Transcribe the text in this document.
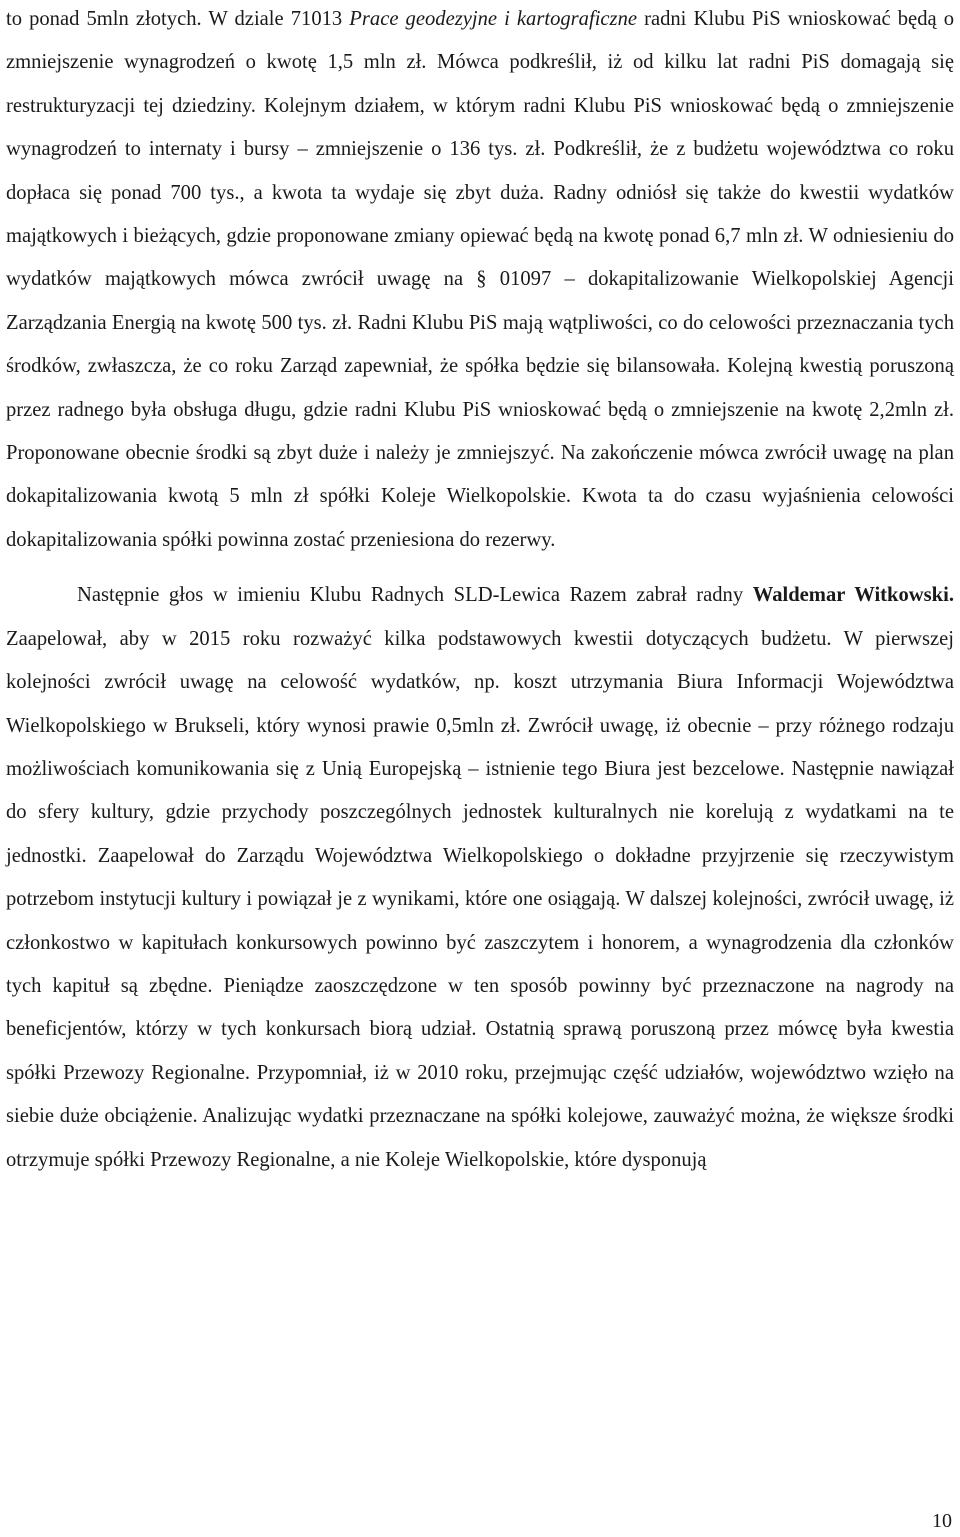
to ponad 5mln złotych. W dziale 71013 Prace geodezyjne i kartograficzne radni Klubu PiS wnioskować będą o zmniejszenie wynagrodzeń o kwotę 1,5 mln zł. Mówca podkreślił, iż od kilku lat radni PiS domagają się restrukturyzacji tej dziedziny. Kolejnym działem, w którym radni Klubu PiS wnioskować będą o zmniejszenie wynagrodzeń to internaty i bursy – zmniejszenie o 136 tys. zł. Podkreślił, że z budżetu województwa co roku dopłaca się ponad 700 tys., a kwota ta wydaje się zbyt duża. Radny odniósł się także do kwestii wydatków majątkowych i bieżących, gdzie proponowane zmiany opiewać będą na kwotę ponad 6,7 mln zł. W odniesieniu do wydatków majątkowych mówca zwrócił uwagę na § 01097 – dokapitalizowanie Wielkopolskiej Agencji Zarządzania Energią na kwotę 500 tys. zł. Radni Klubu PiS mają wątpliwości, co do celowości przeznaczania tych środków, zwłaszcza, że co roku Zarząd zapewniał, że spółka będzie się bilansowała. Kolejną kwestią poruszoną przez radnego była obsługa długu, gdzie radni Klubu PiS wnioskować będą o zmniejszenie na kwotę 2,2mln zł. Proponowane obecnie środki są zbyt duże i należy je zmniejszyć. Na zakończenie mówca zwrócił uwagę na plan dokapitalizowania kwotą 5 mln zł spółki Koleje Wielkopolskie. Kwota ta do czasu wyjaśnienia celowości dokapitalizowania spółki powinna zostać przeniesiona do rezerwy.

Następnie głos w imieniu Klubu Radnych SLD-Lewica Razem zabrał radny Waldemar Witkowski. Zaapelował, aby w 2015 roku rozważyć kilka podstawowych kwestii dotyczących budżetu. W pierwszej kolejności zwrócił uwagę na celowość wydatków, np. koszt utrzymania Biura Informacji Województwa Wielkopolskiego w Brukseli, który wynosi prawie 0,5mln zł. Zwrócił uwagę, iż obecnie – przy różnego rodzaju możliwościach komunikowania się z Unią Europejską – istnienie tego Biura jest bezcelowe. Następnie nawiązał do sfery kultury, gdzie przychody poszczególnych jednostek kulturalnych nie korelują z wydatkami na te jednostki. Zaapelował do Zarządu Województwa Wielkopolskiego o dokładne przyjrzenie się rzeczywistym potrzebom instytucji kultury i powiązał je z wynikami, które one osiągają. W dalszej kolejności, zwrócił uwagę, iż członkostwo w kapitułach konkursowych powinno być zaszczytem i honorem, a wynagrodzenia dla członków tych kapituł są zbędne. Pieniądze zaoszczędzone w ten sposób powinny być przeznaczone na nagrody na beneficjentów, którzy w tych konkursach biorą udział. Ostatnią sprawą poruszoną przez mówcę była kwestia spółki Przewozy Regionalne. Przypomniał, iż w 2010 roku, przejmując część udziałów, województwo wzięło na siebie duże obciążenie. Analizując wydatki przeznaczane na spółki kolejowe, zauważyć można, że większe środki otrzymuje spółki Przewozy Regionalne, a nie Koleje Wielkopolskie, które dysponują

10
